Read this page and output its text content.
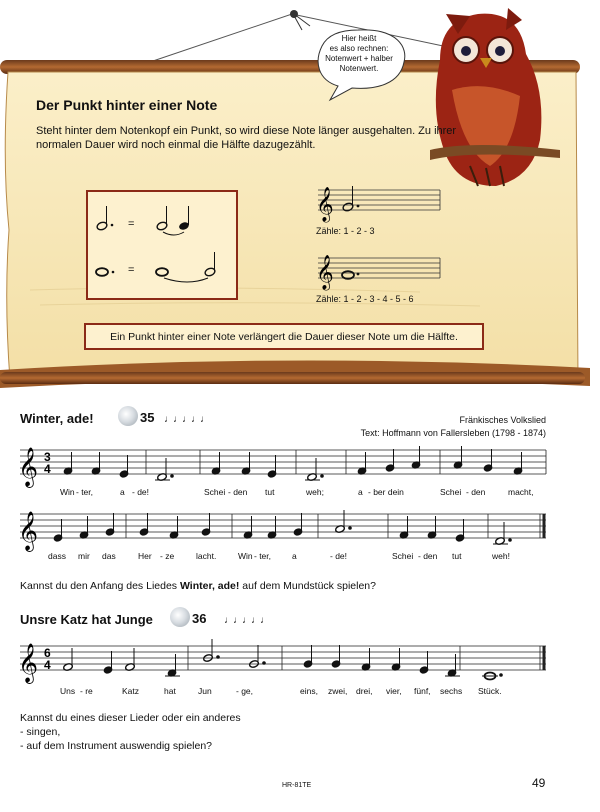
𝄞
𝄞
Hier heißt
es also rechnen:
Notenwert + halber
Notenwert.
Der Punkt hinter einer Note
Steht hinter dem Notenkopf ein Punkt, so wird diese Note länger ausgehalten. Zu ihrer normalen Dauer wird noch einmal die Hälfte dazugezählt.
=
=
Zähle: 1 - 2 - 3
Zähle: 1 - 2 - 3 - 4 - 5 - 6
Ein Punkt hinter einer Note verlängert die Dauer dieser Note um die Hälfte.
Winter, ade!	35 ♩♩♩♩♩	Fränkisches Volkslied
Text: Hoffmann von Fallersleben (1798 - 1874)
𝄞 3
4
𝄞
Win - ter,	a - de!	Schei - den tut	weh;	a - ber dein	Schei - den	macht,
dass mir das	Her - ze	lacht.	Win - ter, a	- de!	Schei - den tut	weh!
Kannst du den Anfang des Liedes Winter, ade! auf dem Mundstück spielen?
Unsre Katz hat Junge	36 ♩♩♩♩♩
𝄞 6
4
Uns - re	Katz	hat	Jun	- ge,	eins, zwei, drei, vier, fünf, sechs Stück.
Kannst du eines dieser Lieder oder ein anderes
- singen,
- auf dem Instrument auswendig spielen?
HR-81TE	49
